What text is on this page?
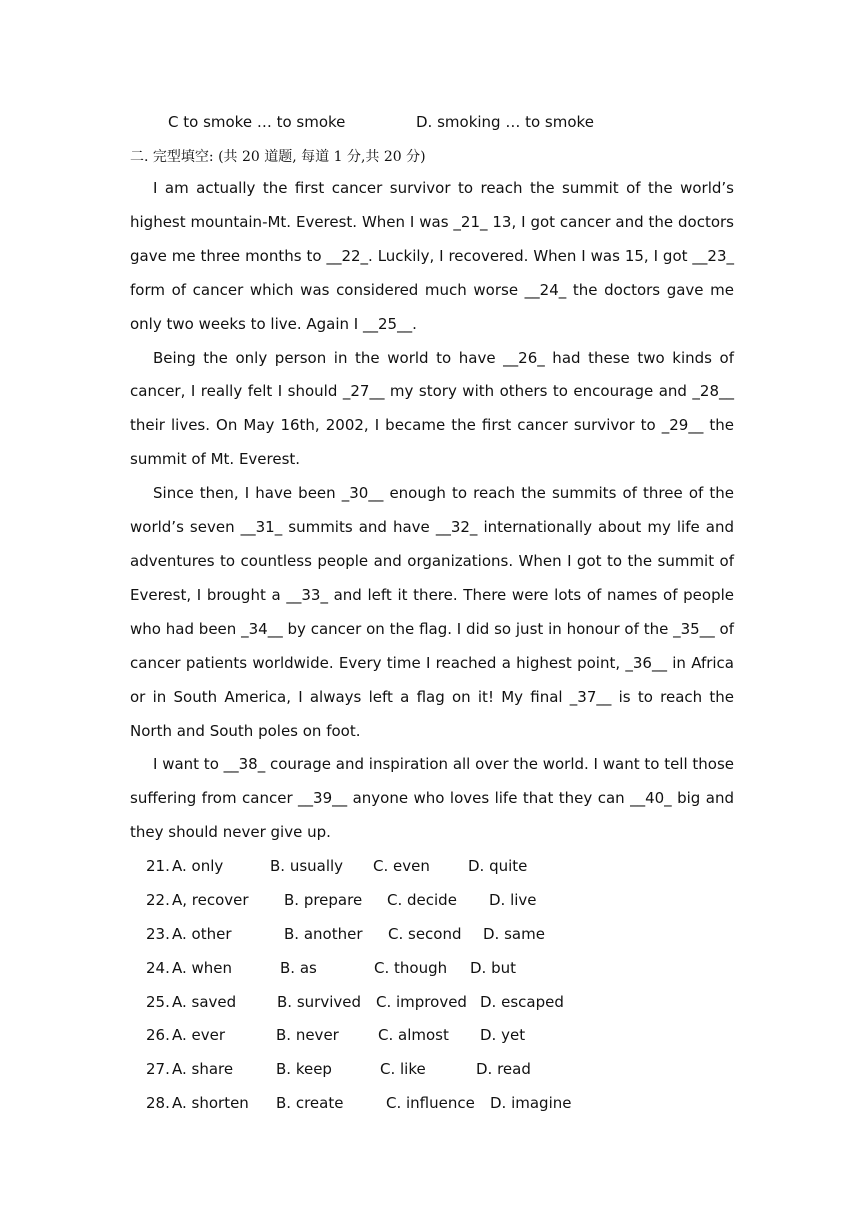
C to smoke … to smoke	D. smoking … to smoke
二. 完型填空: (共 20 道题, 每道 1 分,共 20 分)

I am actually the first cancer survivor to reach the summit of the world’s highest mountain-Mt. Everest. When I was _21_ 13, I got cancer and the doctors gave me three months to __22_. Luckily, I recovered. When I was 15, I got __23_ form of cancer which was considered much worse __24_ the doctors gave me only two weeks to live. Again I __25__.

Being the only person in the world to have __26_ had these two kinds of cancer, I really felt I should _27__ my story with others to encourage and _28__ their lives. On May 16th, 2002, I became the first cancer survivor to _29__ the summit of Mt. Everest.

Since then, I have been _30__ enough to reach the summits of three of the world’s seven __31_ summits and have __32_ internationally about my life and adventures to countless people and organizations. When I got to the summit of Everest, I brought a __33_ and left it there. There were lots of names of people who had been _34__ by cancer on the flag. I did so just in honour of the _35__ of cancer patients worldwide. Every time I reached a highest point, _36__ in Africa or in South America, I always left a flag on it! My final _37__ is to reach the North and South poles on foot.

I want to __38_ courage and inspiration all over the world. I want to tell those suffering from cancer __39__ anyone who loves life that they can __40_ big and they should never give up.

21. A. only	B. usually C. even	D. quite
22. A, recover B. prepare C. decide D. live
23. A. other	B. another C. second D. same
24. A. when	B. as	C. though D. but
25. A. saved	B. survived C. improved D. escaped
26. A. ever	B. never	C. almost D. yet
27. A. share	B. keep	C. like	D. read
28. A. shorten B. create	C. influence D. imagine
